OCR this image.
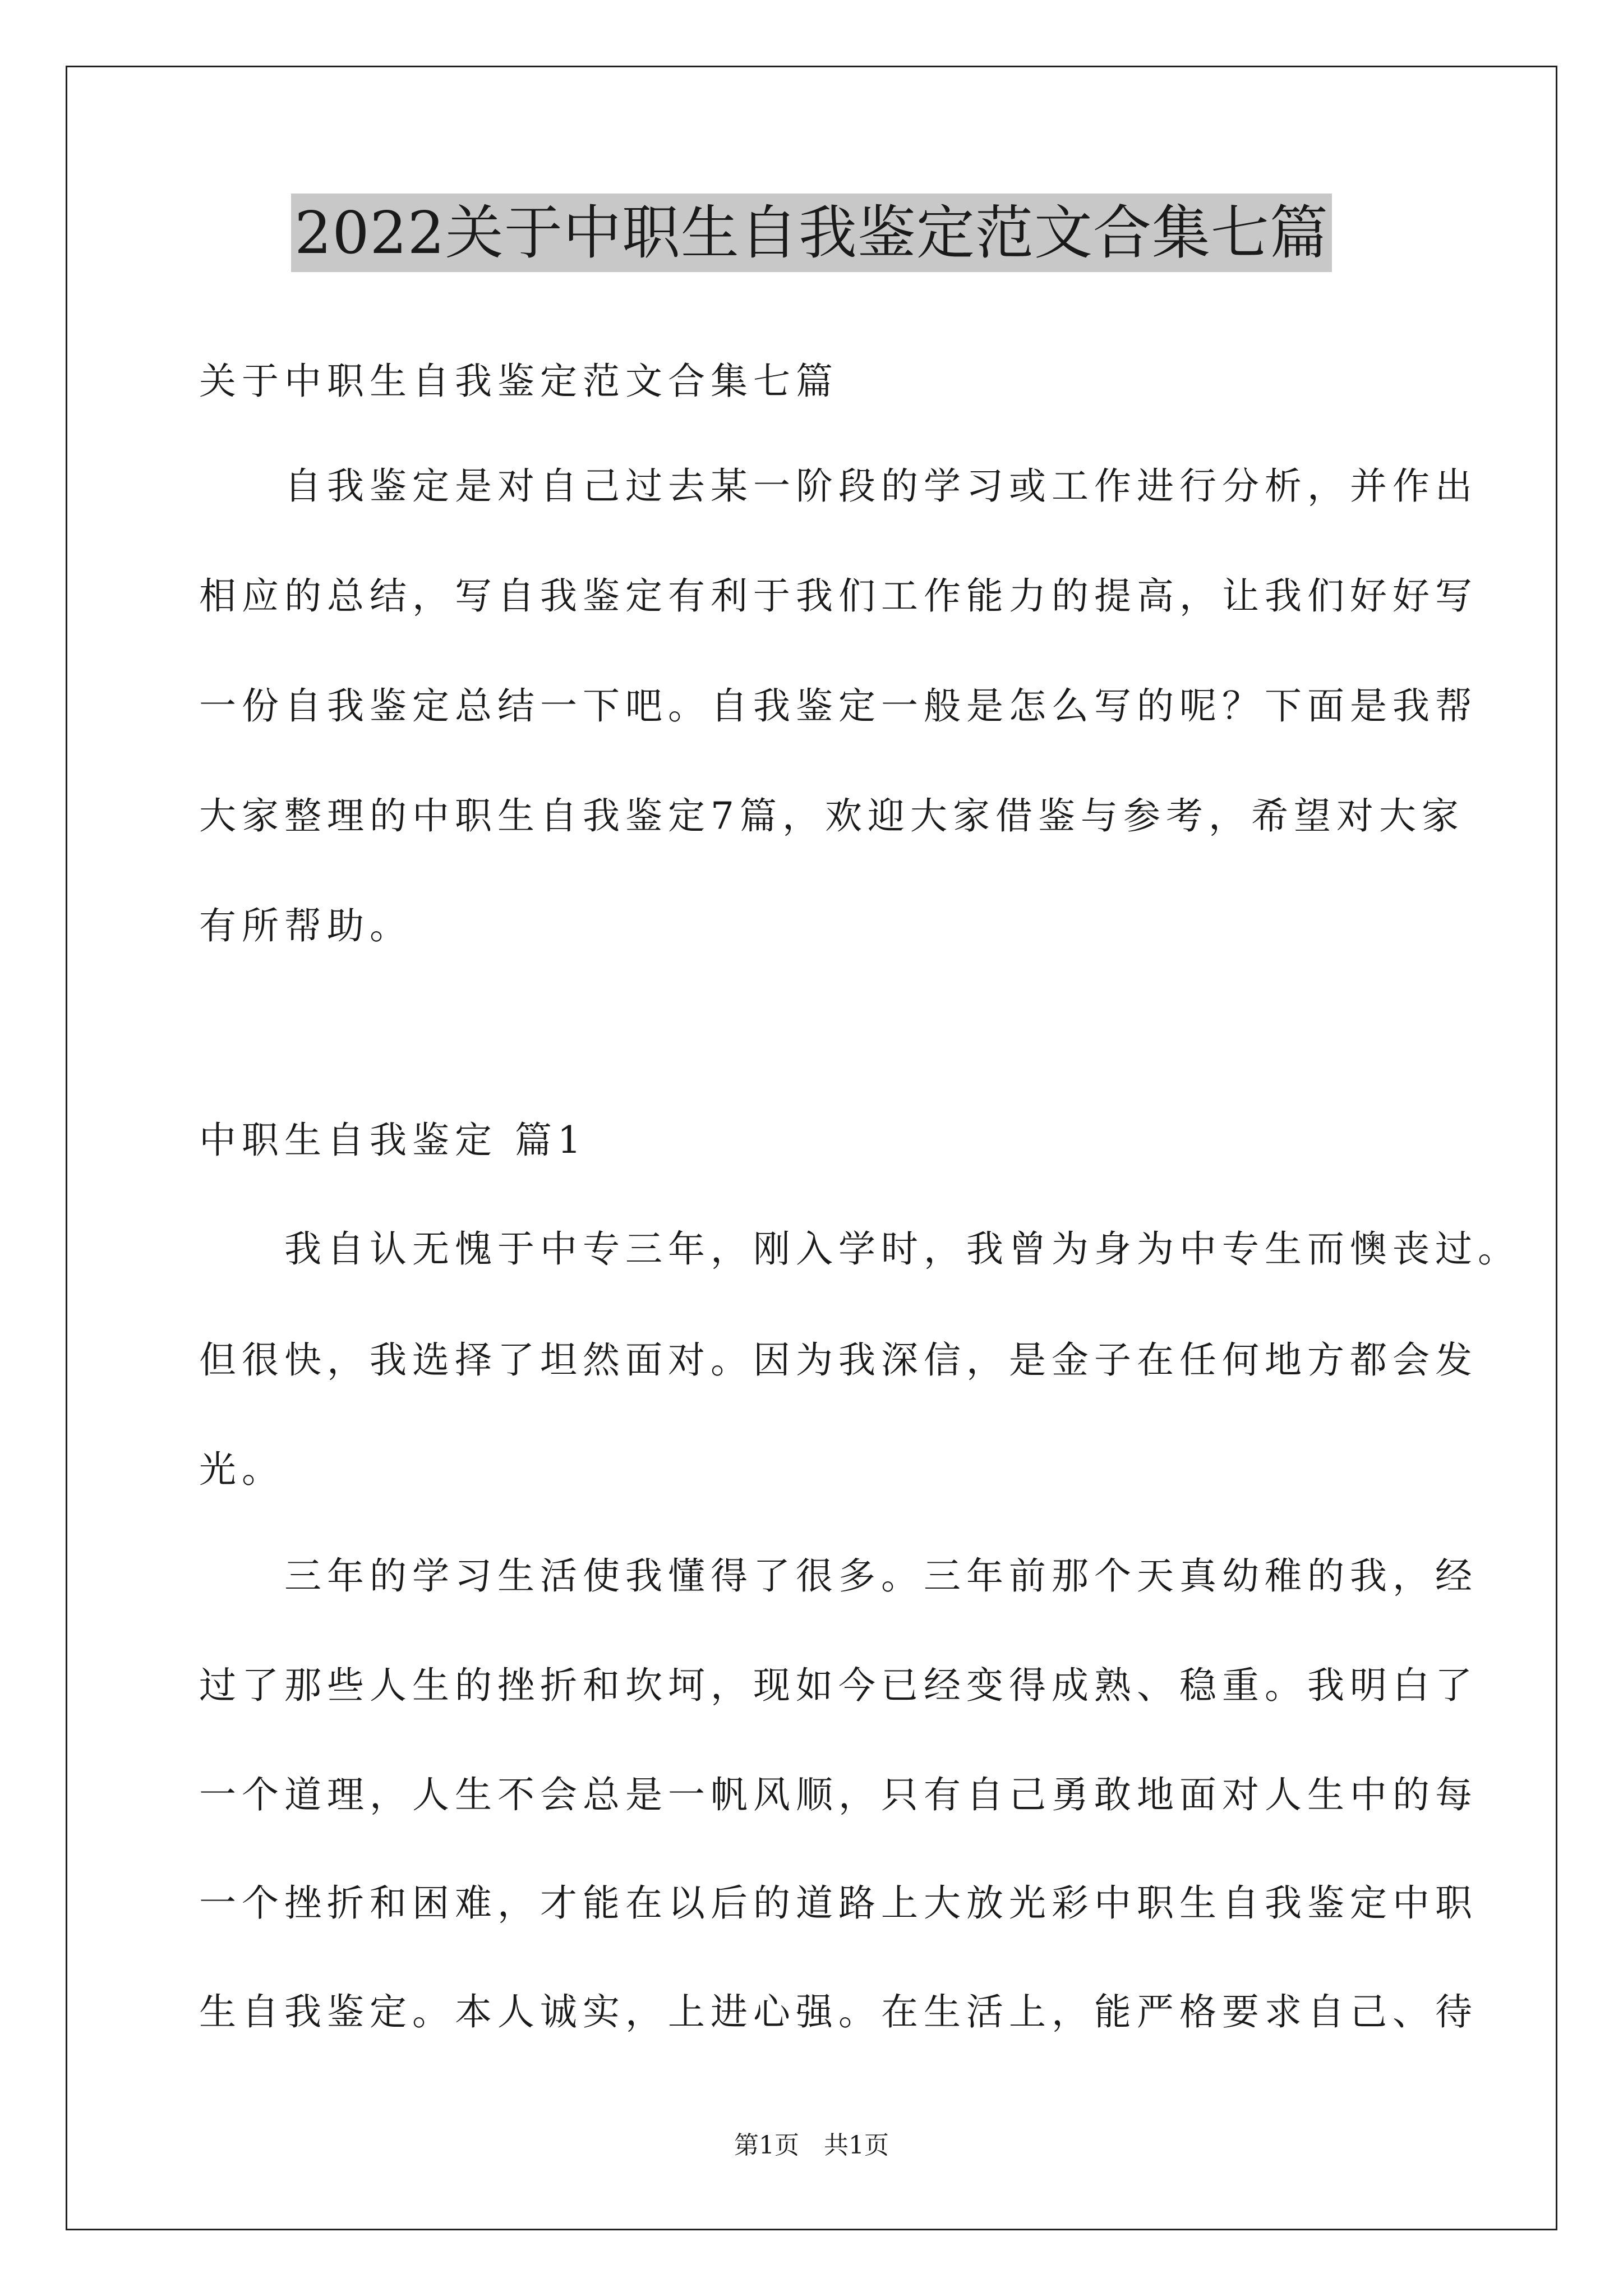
2022关于中职生自我鉴定范文合集七篇
关于中职生自我鉴定范文合集七篇
　　自我鉴定是对自己过去某一阶段的学习或工作进行分析，并作出
相应的总结，写自我鉴定有利于我们工作能力的提高，让我们好好写
一份自我鉴定总结一下吧。自我鉴定一般是怎么写的呢？下面是我帮
大家整理的中职生自我鉴定7篇，欢迎大家借鉴与参考，希望对大家
有所帮助。
中职生自我鉴定 篇1
　　我自认无愧于中专三年，刚入学时，我曾为身为中专生而懊丧过。
但很快，我选择了坦然面对。因为我深信，是金子在任何地方都会发
光。
　　三年的学习生活使我懂得了很多。三年前那个天真幼稚的我，经
过了那些人生的挫折和坎坷，现如今已经变得成熟、稳重。我明白了
一个道理，人生不会总是一帆风顺，只有自己勇敢地面对人生中的每
一个挫折和困难，才能在以后的道路上大放光彩中职生自我鉴定中职
生自我鉴定。本人诚实，上进心强。在生活上，能严格要求自己、待
第1页　共1页
